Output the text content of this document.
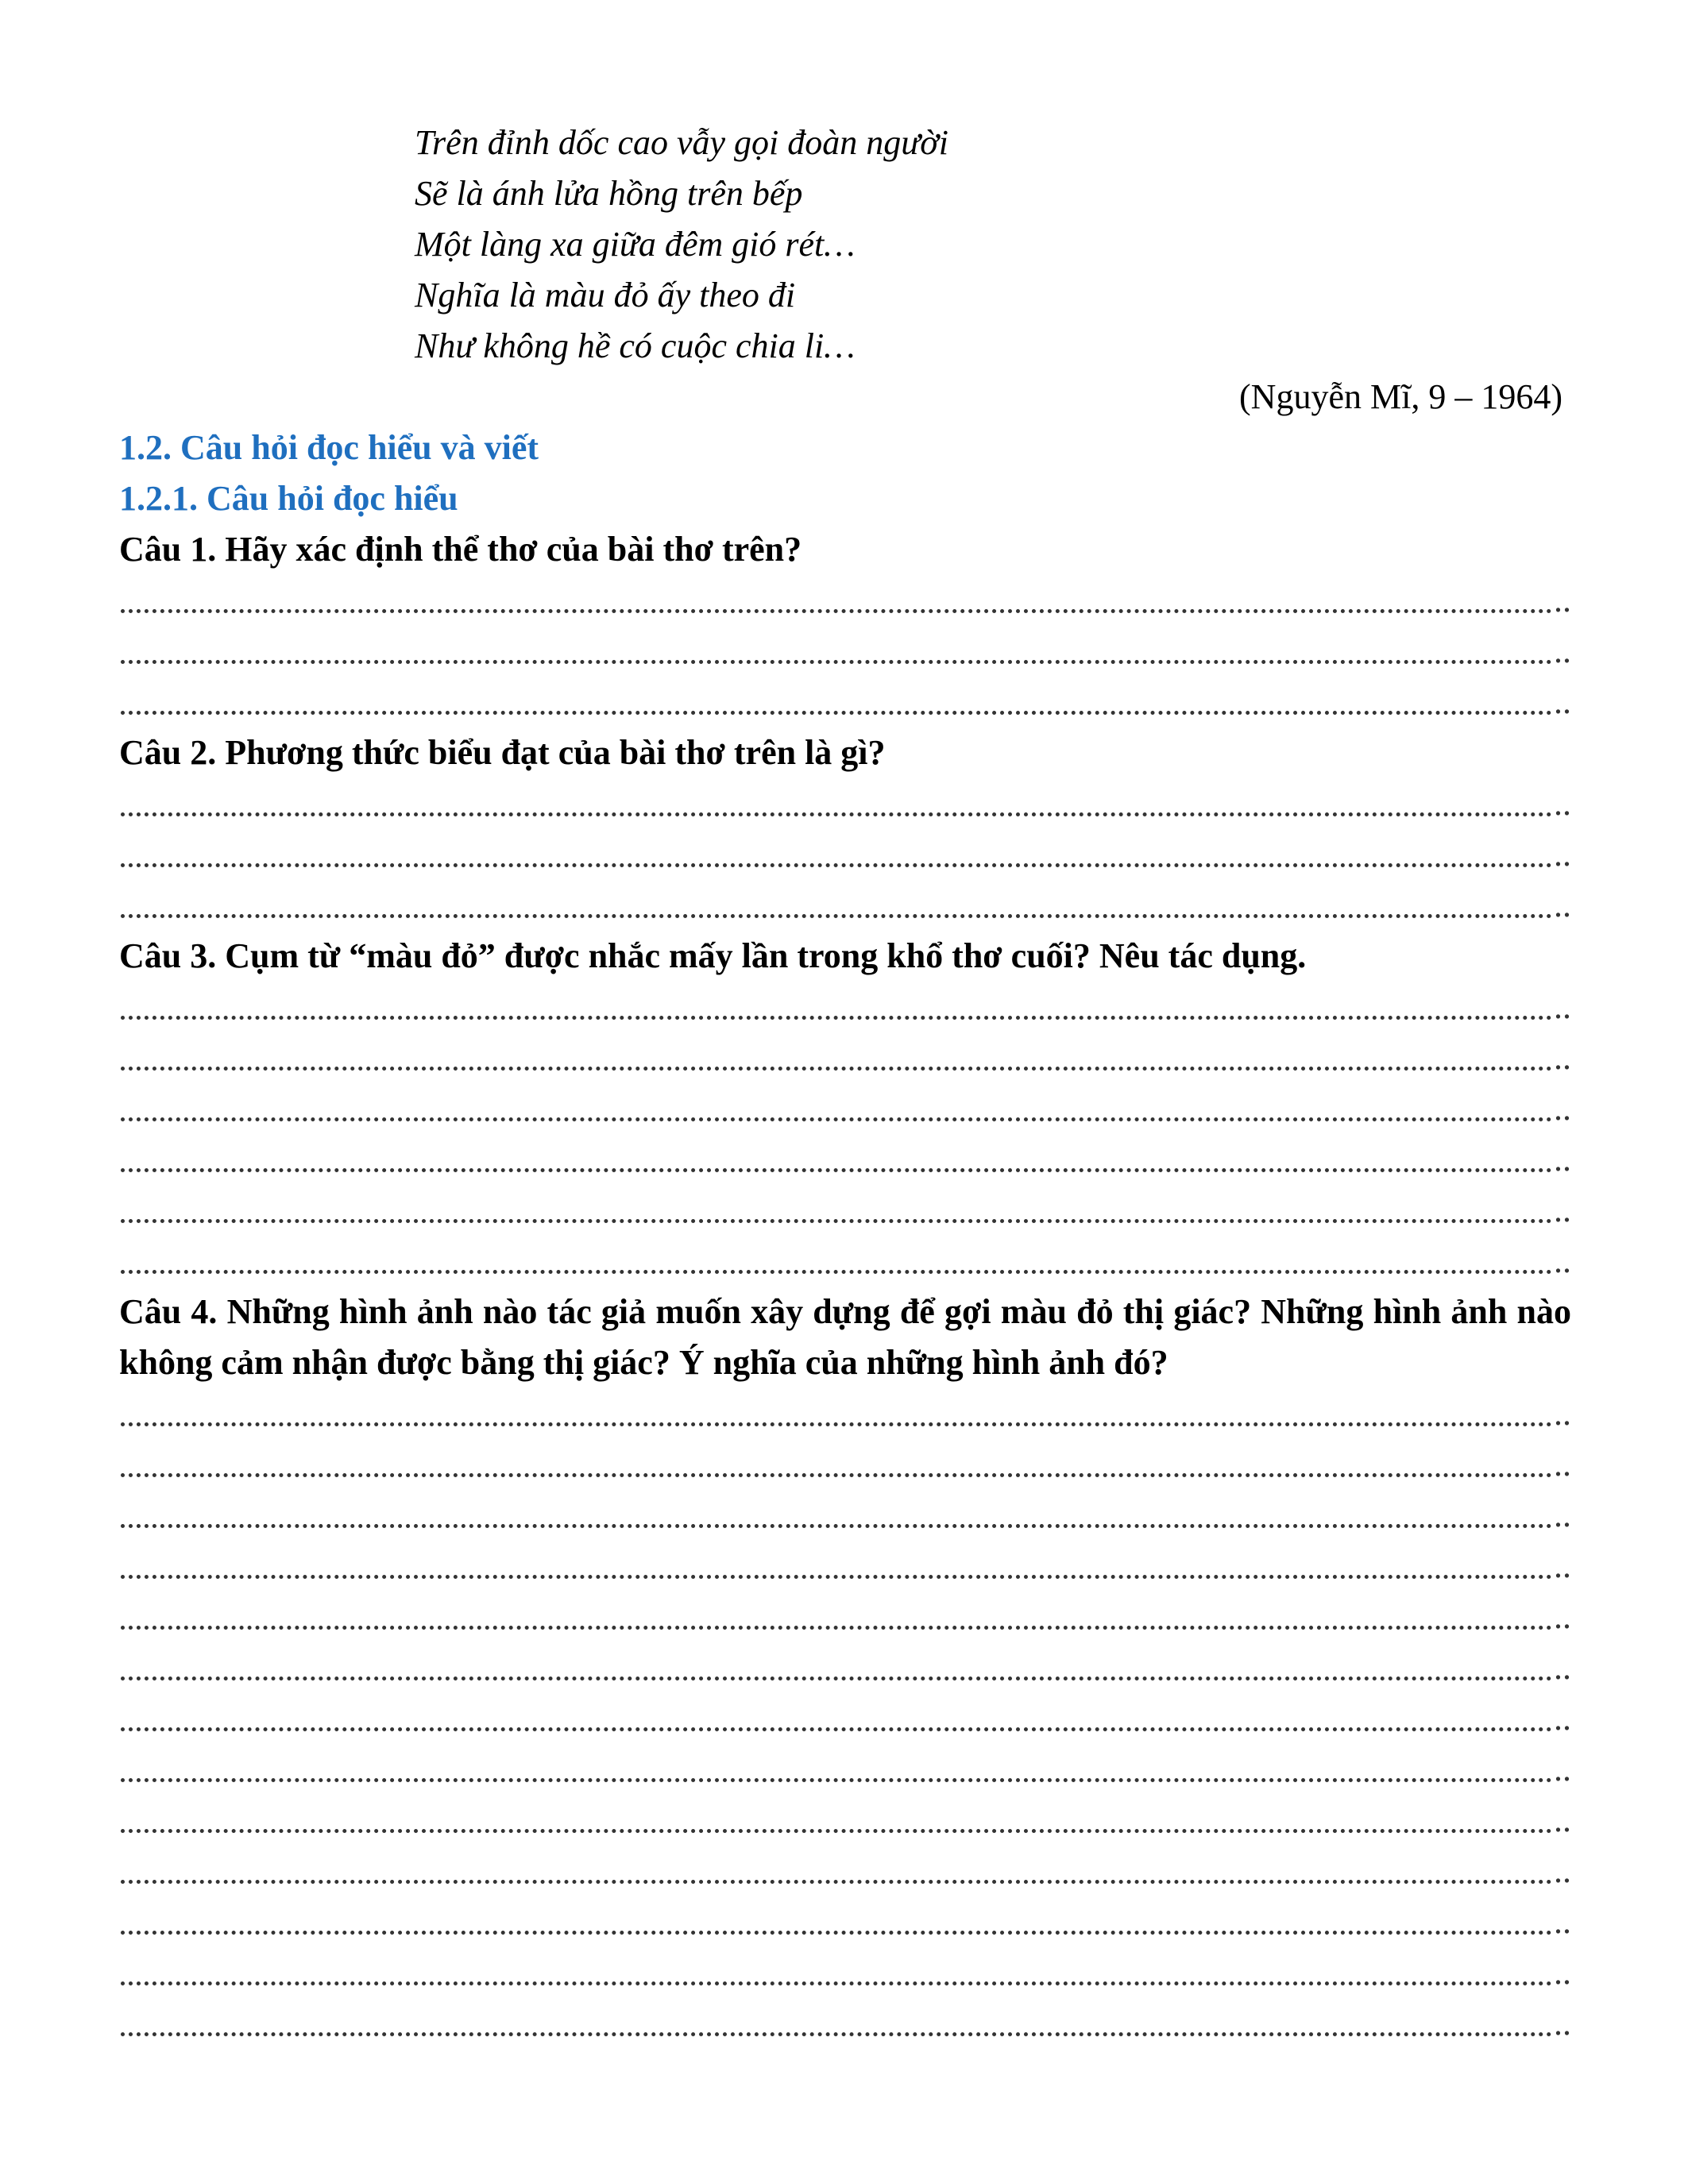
Trên đỉnh dốc cao vẫy gọi đoàn người
Sẽ là ánh lửa hồng trên bếp
Một làng xa giữa đêm gió rét…
Nghĩa là màu đỏ ấy theo đi
Như không hề có cuộc chia li…
(Nguyễn Mĩ, 9 – 1964)
1.2. Câu hỏi đọc hiểu và viết
1.2.1. Câu hỏi đọc hiểu
Câu 1. Hãy xác định thể thơ của bài thơ trên?
..
..
..
Câu 2. Phương thức biểu đạt của bài thơ trên là gì?
..
..
..
Câu 3. Cụm từ “màu đỏ” được nhắc mấy lần trong khổ thơ cuối? Nêu tác dụng.
..
..
..
..
..
..
Câu 4. Những hình ảnh nào tác giả muốn xây dựng để gợi màu đỏ thị giác? Những hình ảnh nào không cảm nhận được bằng thị giác? Ý nghĩa của những hình ảnh đó?
..
..
..
..
..
..
..
..
..
..
..
..
..
